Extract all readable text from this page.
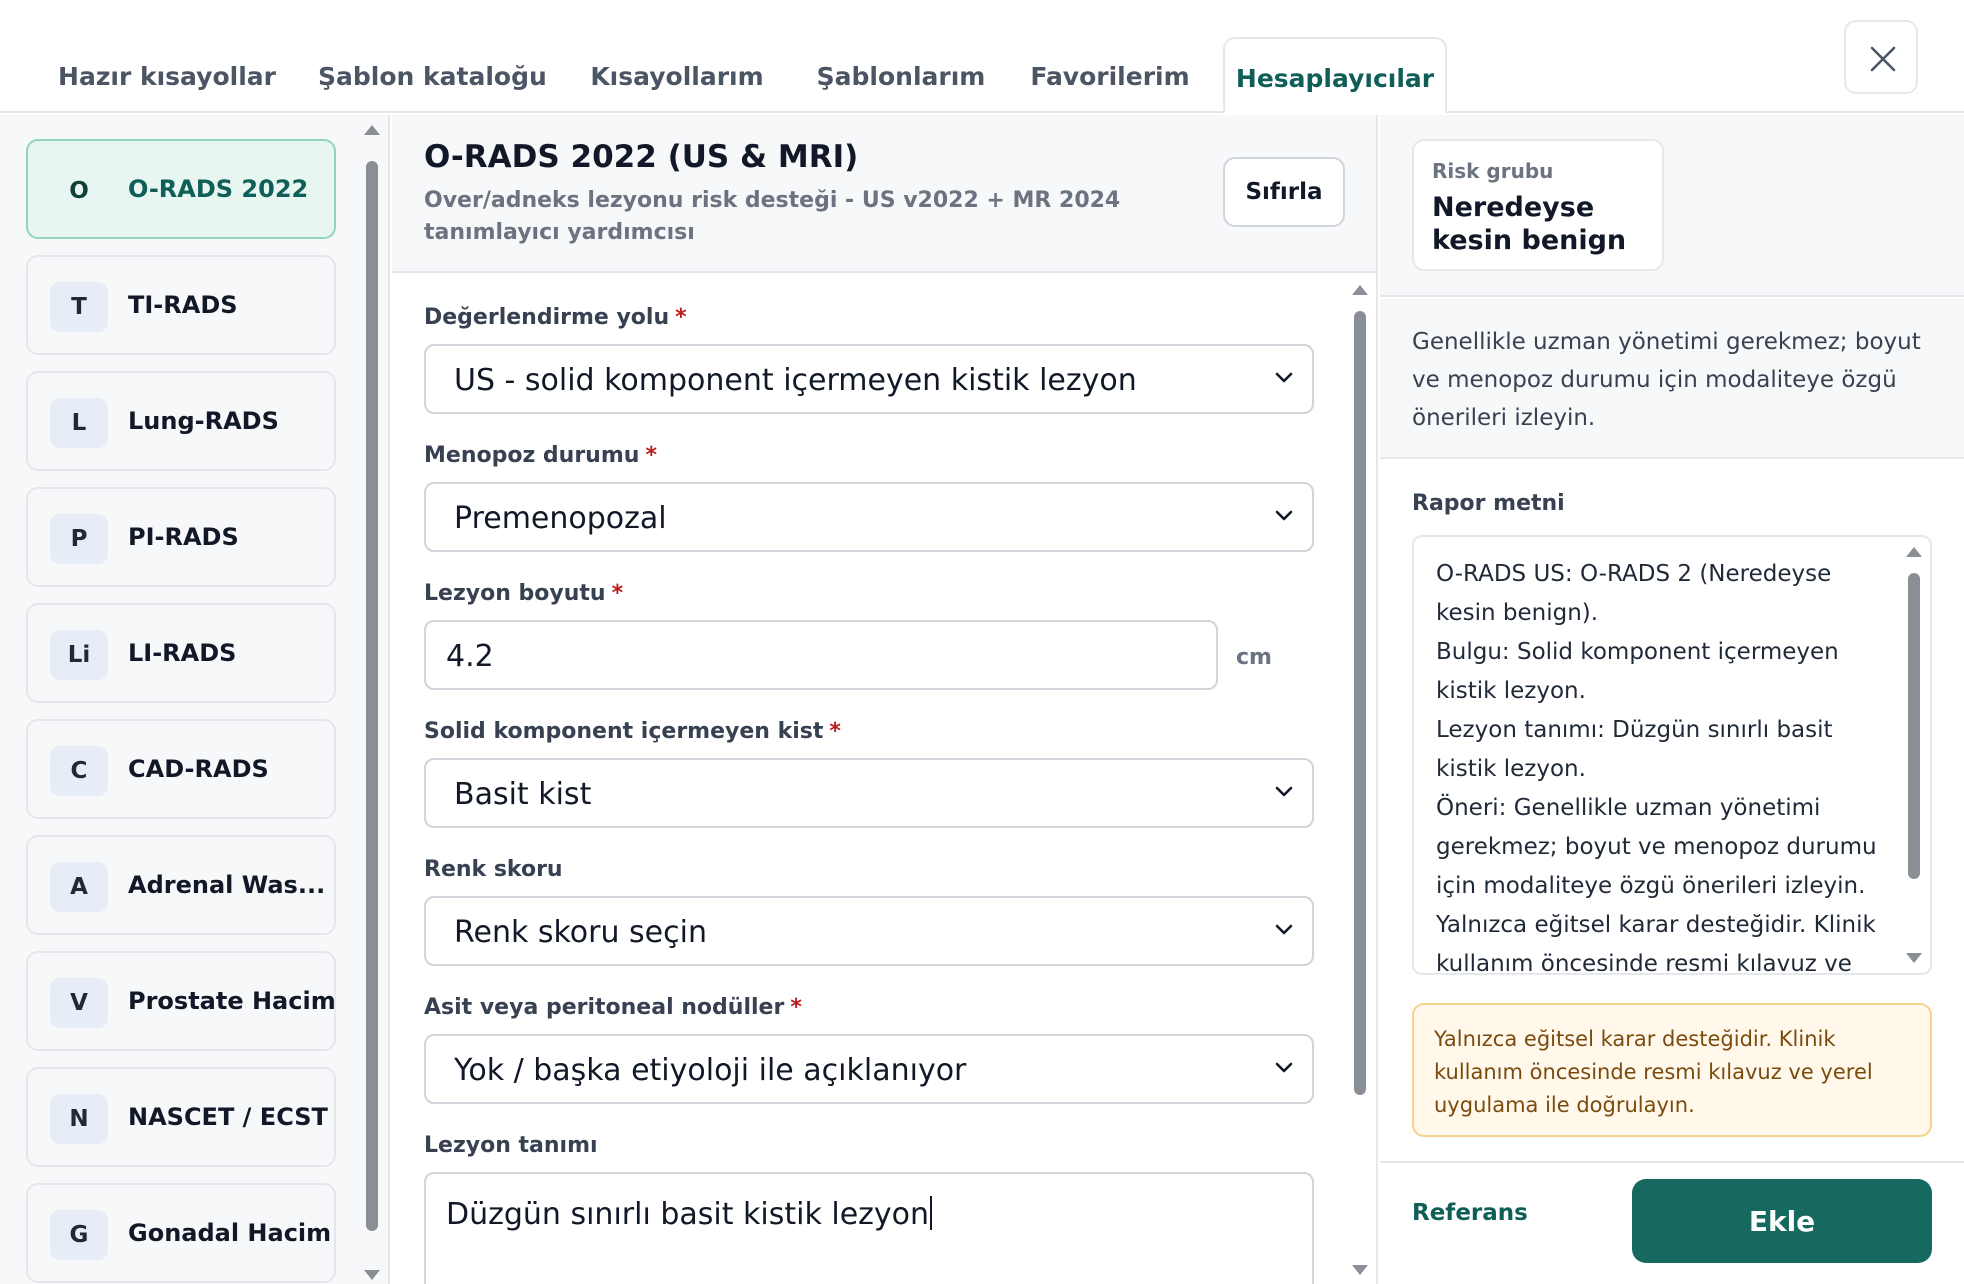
Hazır kısayollar Şablon kataloğu Kısayollarım	Şablonlarım	Favorilerim	Hesaplayıcılar
O	O-RADS 2022
T	TI-RADS
L	Lung-RADS
P	PI-RADS
Li	LI-RADS
C	CAD-RADS
A	Adrenal Was...
V	Prostate Hacim
N	NASCET / ECST
G	Gonadal Hacim
O-RADS 2022 (US & MRI)
Over/adneks lezyonu risk desteği - US v2022 + MR 2024 tanımlayıcı yardımcısı
Sıfırla
Değerlendirme yolu *
US - solid komponent içermeyen kistik lezyon
Menopoz durumu *
Premenopozal
Lezyon boyutu *
4.2	cm
Solid komponent içermeyen kist *
Basit kist
Renk skoru
Renk skoru seçin
Asit veya peritoneal nodüller *
Yok / başka etiyoloji ile açıklanıyor
Lezyon tanımı
Düzgün sınırlı basit kistik lezyon
Risk grubu
Neredeyse kesin benign

Genellikle uzman yönetimi gerekmez; boyut ve menopoz durumu için modaliteye özgü önerileri izleyin.

Rapor metni
O-RADS US: O-RADS 2 (Neredeyse
kesin benign).
Bulgu: Solid komponent içermeyen
kistik lezyon.
Lezyon tanımı: Düzgün sınırlı basit
kistik lezyon.
Öneri: Genellikle uzman yönetimi
gerekmez; boyut ve menopoz durumu
için modaliteye özgü önerileri izleyin.
Yalnızca eğitsel karar desteğidir. Klinik
kullanım öncesinde resmi kılavuz ve

Yalnızca eğitsel karar desteğidir. Klinik kullanım öncesinde resmi kılavuz ve yerel uygulama ile doğrulayın.

Referans	Ekle
